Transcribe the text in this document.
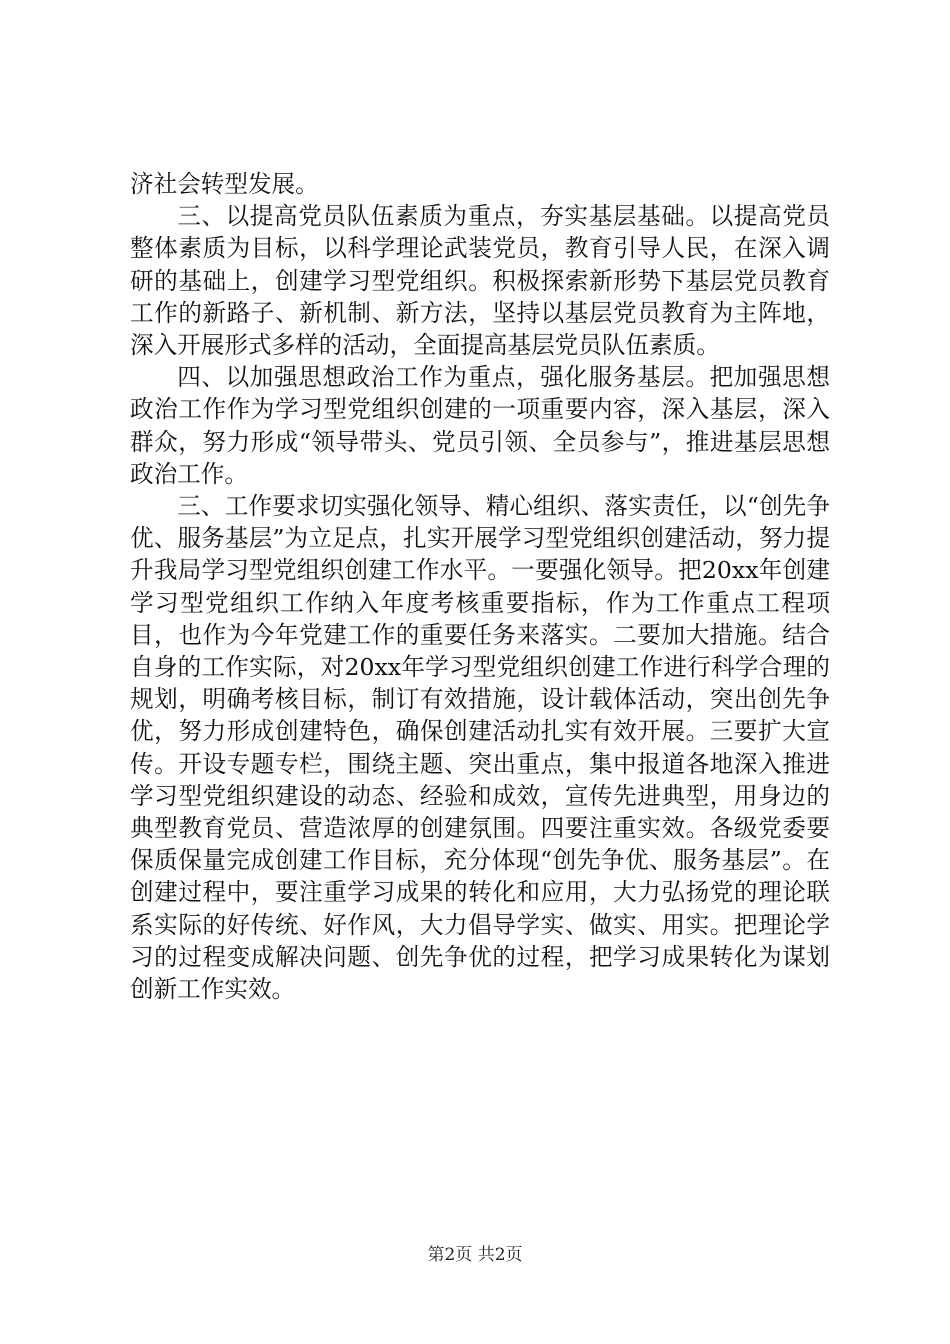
济社会转型发展。

三、以提高党员队伍素质为重点，夯实基层基础。以提高党员整体素质为目标，以科学理论武装党员，教育引导人民，在深入调研的基础上，创建学习型党组织。积极探索新形势下基层党员教育工作的新路子、新机制、新方法，坚持以基层党员教育为主阵地，深入开展形式多样的活动，全面提高基层党员队伍素质。

四、以加强思想政治工作为重点，强化服务基层。把加强思想政治工作作为学习型党组织创建的一项重要内容，深入基层，深入群众，努力形成“领导带头、党员引领、全员参与”，推进基层思想政治工作。

三、工作要求切实强化领导、精心组织、落实责任，以“创先争优、服务基层”为立足点，扎实开展学习型党组织创建活动，努力提升我局学习型党组织创建工作水平。一要强化领导。把20xx年创建学习型党组织工作纳入年度考核重要指标，作为工作重点工程项目，也作为今年党建工作的重要任务来落实。二要加大措施。结合自身的工作实际，对20xx年学习型党组织创建工作进行科学合理的规划，明确考核目标，制订有效措施，设计载体活动，突出创先争优，努力形成创建特色，确保创建活动扎实有效开展。三要扩大宣传。开设专题专栏，围绕主题、突出重点，集中报道各地深入推进学习型党组织建设的动态、经验和成效，宣传先进典型，用身边的典型教育党员、营造浓厚的创建氛围。四要注重实效。各级党委要保质保量完成创建工作目标，充分体现“创先争优、服务基层”。在创建过程中，要注重学习成果的转化和应用，大力弘扬党的理论联系实际的好传统、好作风，大力倡导学实、做实、用实。把理论学习的过程变成解决问题、创先争优的过程，把学习成果转化为谋划创新工作实效。

第2页 共2页
